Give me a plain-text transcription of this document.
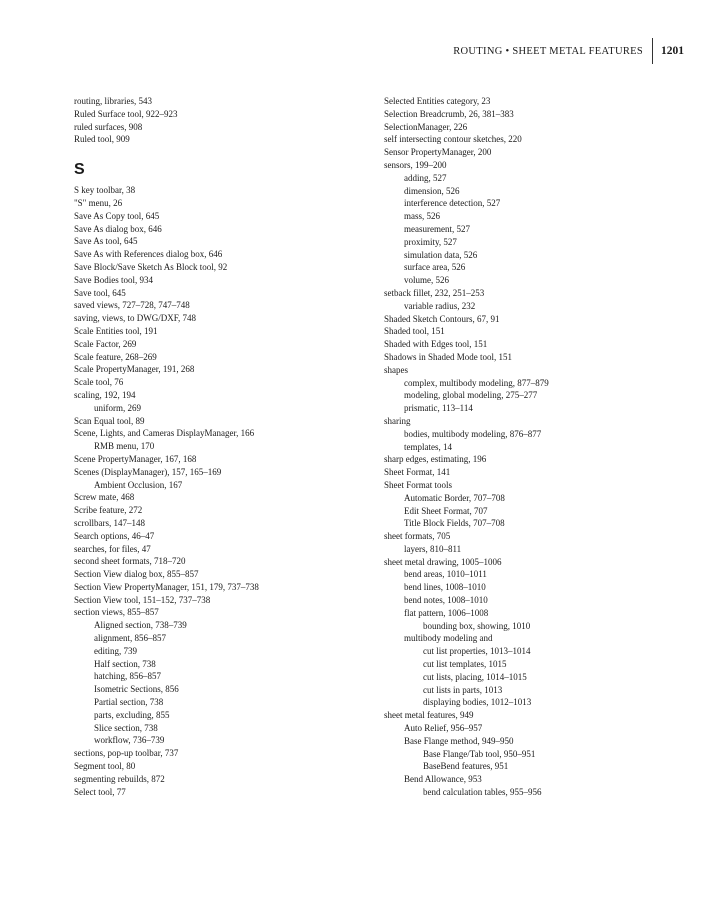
ROUTING • SHEET METAL FEATURES 1201
routing, libraries, 543
Ruled Surface tool, 922–923
ruled surfaces, 908
Ruled tool, 909
S
S key toolbar, 38
"S" menu, 26
Save As Copy tool, 645
Save As dialog box, 646
Save As tool, 645
Save As with References dialog box, 646
Save Block/Save Sketch As Block tool, 92
Save Bodies tool, 934
Save tool, 645
saved views, 727–728, 747–748
saving, views, to DWG/DXF, 748
Scale Entities tool, 191
Scale Factor, 269
Scale feature, 268–269
Scale PropertyManager, 191, 268
Scale tool, 76
scaling, 192, 194
uniform, 269
Scan Equal tool, 89
Scene, Lights, and Cameras DisplayManager, 166
RMB menu, 170
Scene PropertyManager, 167, 168
Scenes (DisplayManager), 157, 165–169
Ambient Occlusion, 167
Screw mate, 468
Scribe feature, 272
scrollbars, 147–148
Search options, 46–47
searches, for files, 47
second sheet formats, 718–720
Section View dialog box, 855–857
Section View PropertyManager, 151, 179, 737–738
Section View tool, 151–152, 737–738
section views, 855–857
Aligned section, 738–739
alignment, 856–857
editing, 739
Half section, 738
hatching, 856–857
Isometric Sections, 856
Partial section, 738
parts, excluding, 855
Slice section, 738
workflow, 736–739
sections, pop-up toolbar, 737
Segment tool, 80
segmenting rebuilds, 872
Select tool, 77
Selected Entities category, 23
Selection Breadcrumb, 26, 381–383
SelectionManager, 226
self intersecting contour sketches, 220
Sensor PropertyManager, 200
sensors, 199–200
adding, 527
dimension, 526
interference detection, 527
mass, 526
measurement, 527
proximity, 527
simulation data, 526
surface area, 526
volume, 526
setback fillet, 232, 251–253
variable radius, 232
Shaded Sketch Contours, 67, 91
Shaded tool, 151
Shaded with Edges tool, 151
Shadows in Shaded Mode tool, 151
shapes
complex, multibody modeling, 877–879
modeling, global modeling, 275–277
prismatic, 113–114
sharing
bodies, multibody modeling, 876–877
templates, 14
sharp edges, estimating, 196
Sheet Format, 141
Sheet Format tools
Automatic Border, 707–708
Edit Sheet Format, 707
Title Block Fields, 707–708
sheet formats, 705
layers, 810–811
sheet metal drawing, 1005–1006
bend areas, 1010–1011
bend lines, 1008–1010
bend notes, 1008–1010
flat pattern, 1006–1008
bounding box, showing, 1010
multibody modeling and
cut list properties, 1013–1014
cut list templates, 1015
cut lists, placing, 1014–1015
cut lists in parts, 1013
displaying bodies, 1012–1013
sheet metal features, 949
Auto Relief, 956–957
Base Flange method, 949–950
Base Flange/Tab tool, 950–951
BaseBend features, 951
Bend Allowance, 953
bend calculation tables, 955–956
